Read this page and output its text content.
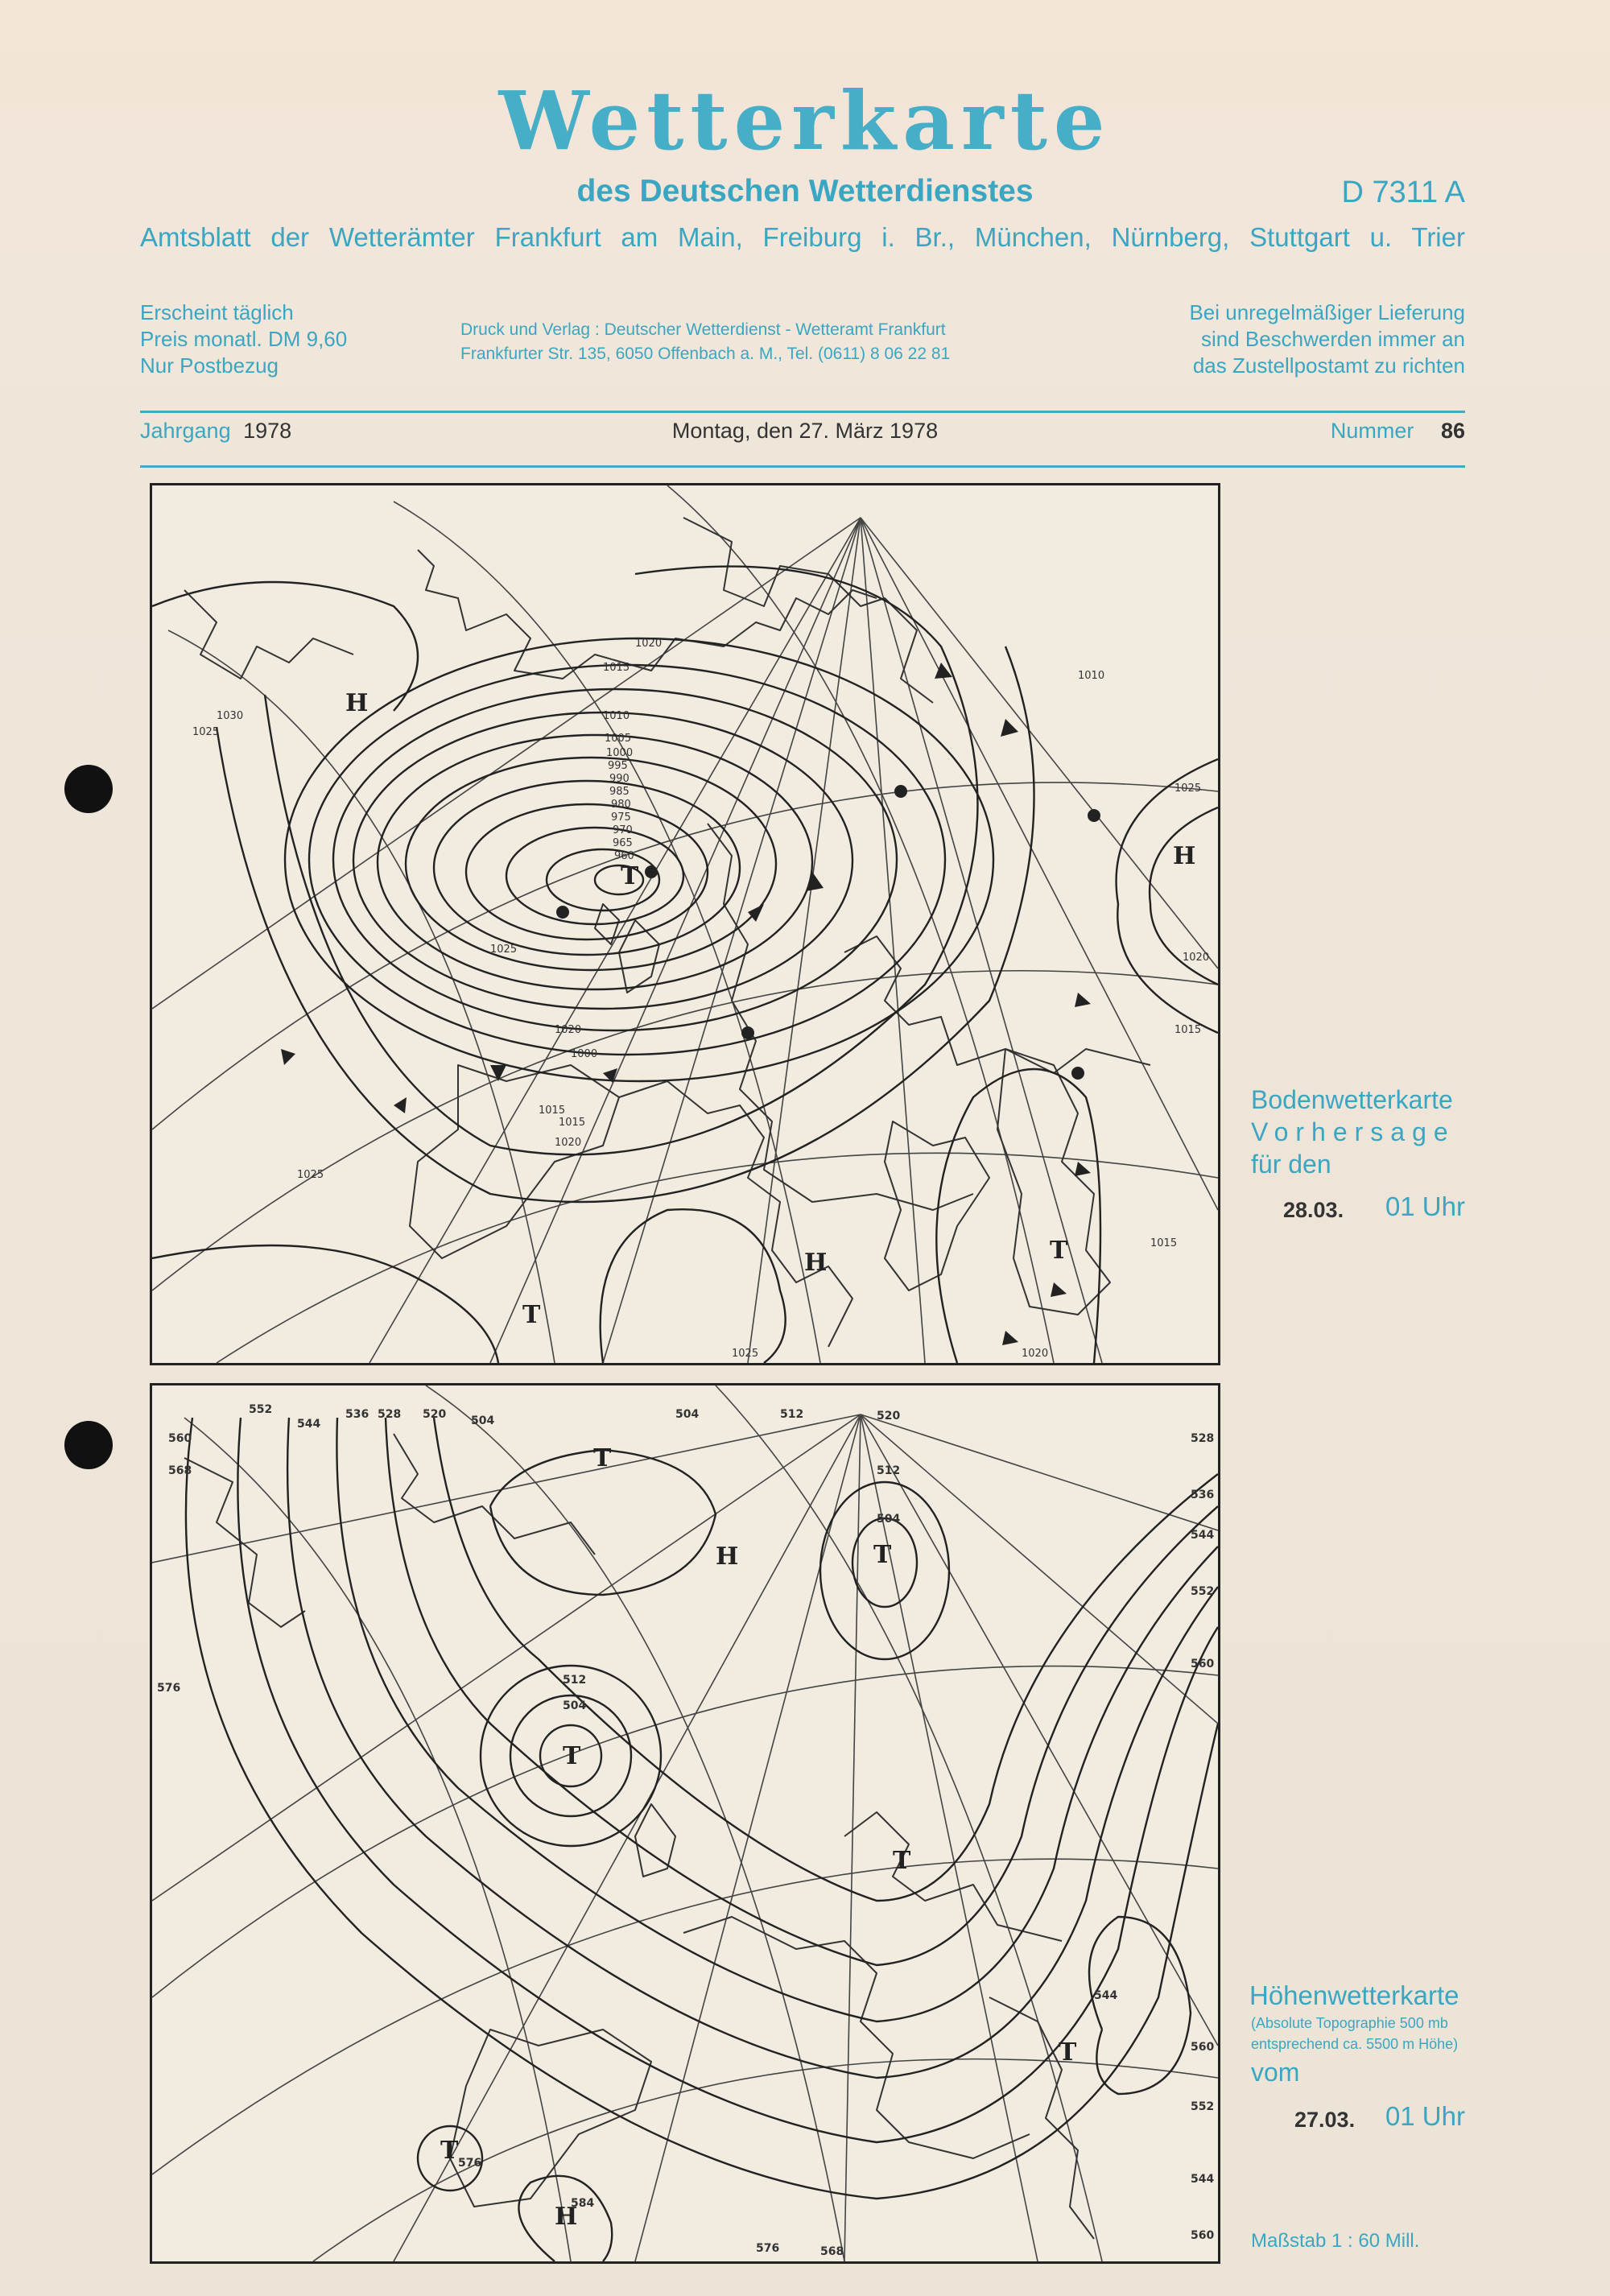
Wetterkarte
des Deutschen Wetterdienstes	D 7311 A
Amtsblatt der Wetterämter Frankfurt am Main, Freiburg i. Br., München, Nürnberg, Stuttgart u. Trier
Erscheint täglich
Preis monatl. DM 9,60
Nur Postbezug
Druck und Verlag : Deutscher Wetterdienst - Wetteramt Frankfurt
Frankfurter Str. 135, 6050 Offenbach a. M., Tel. (0611) 8 06 22 81
Bei unregelmäßiger Lieferung
sind Beschwerden immer an
das Zustellpostamt zu richten
Jahrgang 1978	Montag, den 27. März 1978	Nummer 86
H
T
H
H
T
T
1025
1030
1020
1015
1010
1005
1000
995
990
985
980
975
970
965
960
1025
1020
1015
1000
1015
1020
1025
1025
1020
1015
1010
1015
1020
1025
Bodenwetterkarte
Vorhersage
für den
28.03. 01 Uhr
T
H
T
T
T
H
T
T
552
544
536 528 520 504	512
504
560
568
576
512
504
520
528
536
544
552
560
512
504
544
560
576
584
568
576
560
552
544
Höhenwetterkarte
(Absolute Topographie 500 mb
entsprechend ca. 5500 m Höhe)
vom
27.03. 01 Uhr
Maßstab 1 : 60 Mill.
